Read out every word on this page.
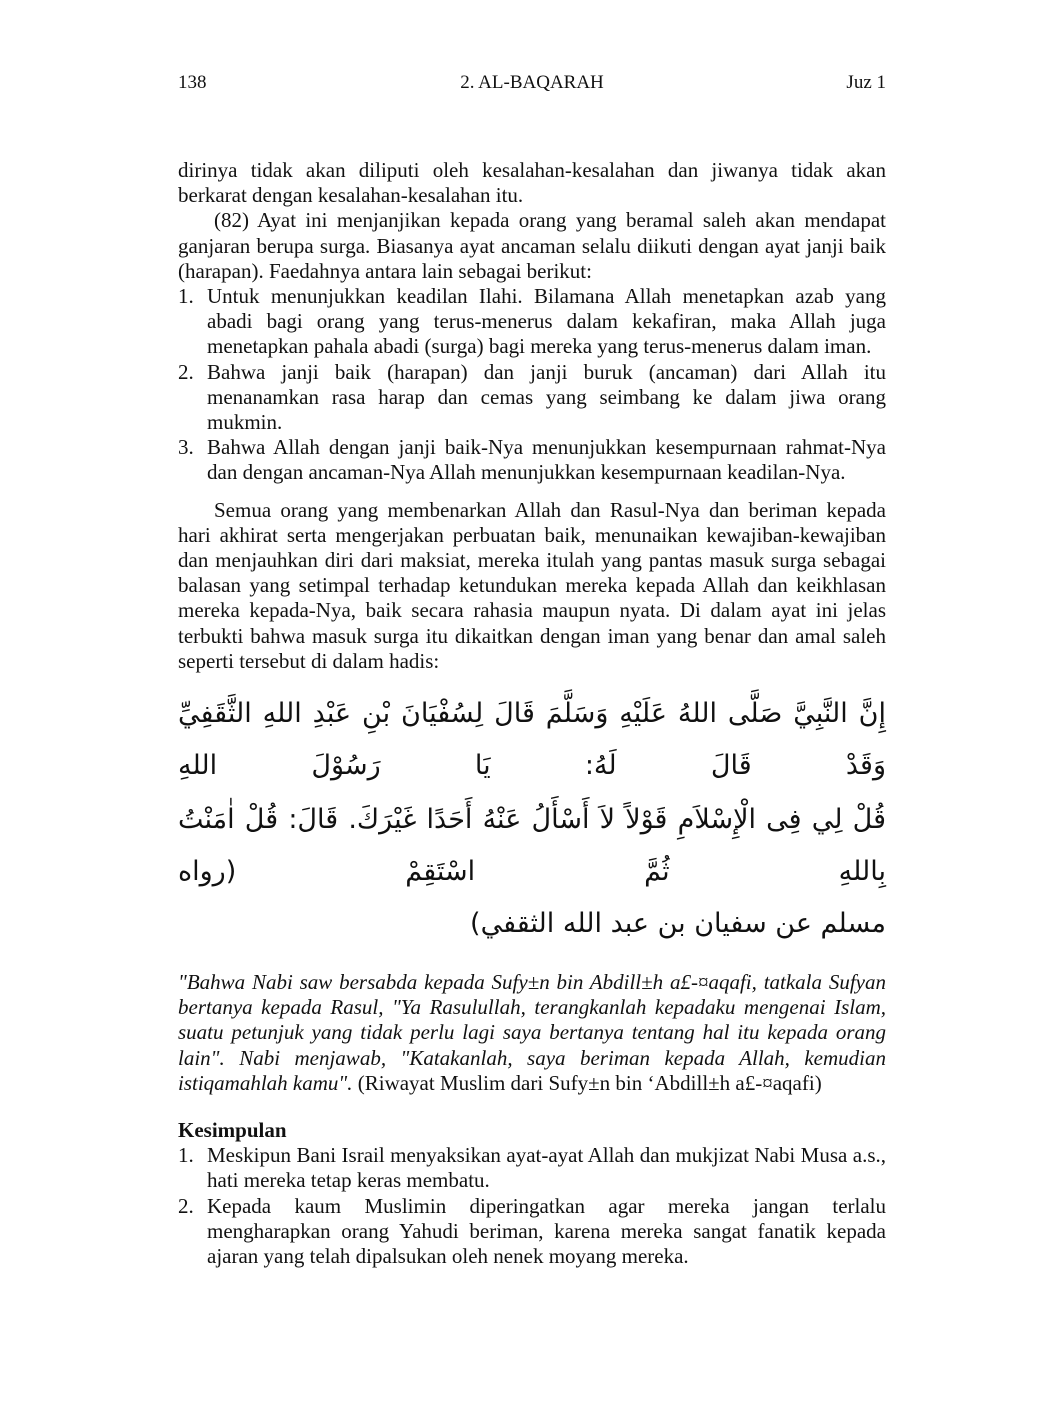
2. AL-BAQARAH
138	Juz 1

dirinya tidak akan diliputi oleh kesalahan-kesalahan dan jiwanya tidak akan berkarat dengan kesalahan-kesalahan itu.

(82) Ayat ini menjanjikan kepada orang yang beramal saleh akan mendapat ganjaran berupa surga. Biasanya ayat ancaman selalu diikuti dengan ayat janji baik (harapan). Faedahnya antara lain sebagai berikut:

1. Untuk menunjukkan keadilan Ilahi. Bilamana Allah menetapkan azab yang abadi bagi orang yang terus-menerus dalam kekafiran, maka Allah juga menetapkan pahala abadi (surga) bagi mereka yang terus-menerus dalam iman.
2. Bahwa janji baik (harapan) dan janji buruk (ancaman) dari Allah itu menanamkan rasa harap dan cemas yang seimbang ke dalam jiwa orang mukmin.
3. Bahwa Allah dengan janji baik-Nya menunjukkan kesempurnaan rahmat-Nya dan dengan ancaman-Nya Allah menunjukkan kesempurnaan keadilan-Nya.

Semua orang yang membenarkan Allah dan Rasul-Nya dan beriman kepada hari akhirat serta mengerjakan perbuatan baik, menunaikan kewajiban-kewajiban dan menjauhkan diri dari maksiat, mereka itulah yang pantas masuk surga sebagai balasan yang setimpal terhadap ketundukan mereka kepada Allah dan keikhlasan mereka kepada-Nya, baik secara rahasia maupun nyata. Di dalam ayat ini jelas terbukti bahwa masuk surga itu dikaitkan dengan iman yang benar dan amal saleh seperti tersebut di dalam hadis:

إِنَّ النَّبِيَّ صَلَّى اللهُ عَلَيْهِ وَسَلَّمَ قَالَ لِسُفْيَانَ بْنِ عَبْدِ اللهِ الثَّقَفِيِّ وَقَدْ قَالَ لَهُ: يَا رَسُوْلَ اللهِ

قُلْ لِي فِى الْإِسْلاَمِ قَوْلاً لاَ أَسْأَلُ عَنْهُ أَحَدًا غَيْرَكَ. قَالَ: قُلْ اٰمَنْتُ بِاللهِ ثُمَّ اسْتَقِمْ (رواه

مسلم عن سفيان بن عبد الله الثقفي)

"Bahwa Nabi saw bersabda kepada Sufy±n bin Abdill±h a£-¤aqafi, tatkala Sufyan bertanya kepada Rasul, "Ya Rasulullah, terangkanlah kepadaku mengenai Islam, suatu petunjuk yang tidak perlu lagi saya bertanya tentang hal itu kepada orang lain". Nabi menjawab, "Katakanlah, saya beriman kepada Allah, kemudian istiqamahlah kamu". (Riwayat Muslim dari Sufy±n bin ‘Abdill±h a£-¤aqafi)

Kesimpulan
1. Meskipun Bani Israil menyaksikan ayat-ayat Allah dan mukjizat Nabi Musa a.s., hati mereka tetap keras membatu.
2. Kepada kaum Muslimin diperingatkan agar mereka jangan terlalu mengharapkan orang Yahudi beriman, karena mereka sangat fanatik kepada ajaran yang telah dipalsukan oleh nenek moyang mereka.
